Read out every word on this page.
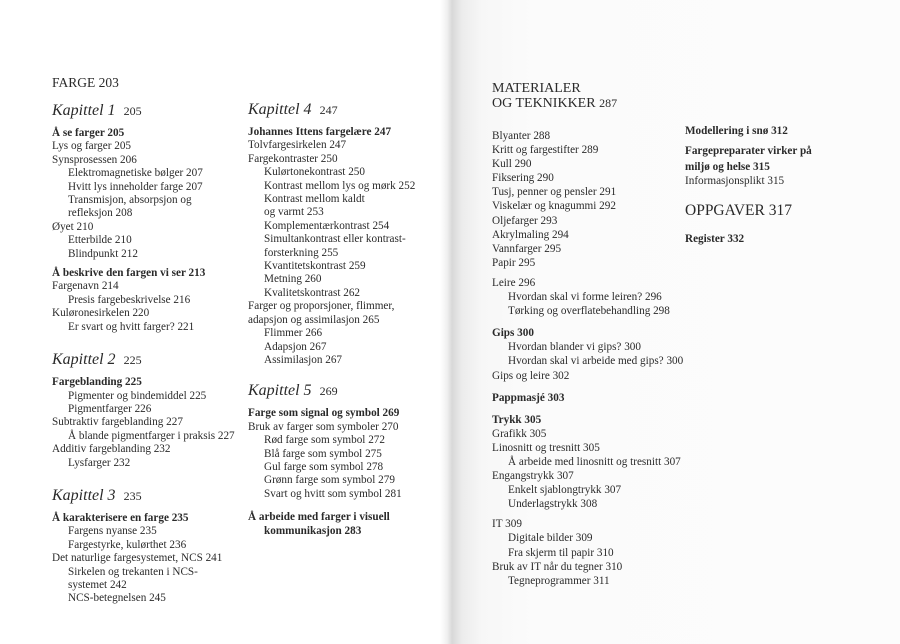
FARGE 203
Kapittel 1 205
Å se farger 205
Lys og farger 205
Synsprosessen 206
Elektromagnetiske bølger 207
Hvitt lys inneholder farge 207
Transmisjon, absorpsjon og
refleksjon 208
Øyet 210
Etterbilde 210
Blindpunkt 212
Å beskrive den fargen vi ser 213
Fargenavn 214
Presis fargebeskrivelse 216
Kuløronesirkelen 220
Er svart og hvitt farger? 221
Kapittel 2 225
Fargeblanding 225
Pigmenter og bindemiddel 225
Pigmentfarger 226
Subtraktiv fargeblanding 227
Å blande pigmentfarger i praksis 227
Additiv fargeblanding 232
Lysfarger 232
Kapittel 3 235
Å karakterisere en farge 235
Fargens nyanse 235
Fargestyrke, kulørthet 236
Det naturlige fargesystemet, NCS 241
Sirkelen og trekanten i NCS-
systemet 242
NCS-betegnelsen 245
Kapittel 4 247
Johannes Ittens fargelære 247
Tolvfargesirkelen 247
Fargekontraster 250
Kulørtonekontrast 250
Kontrast mellom lys og mørk 252
Kontrast mellom kaldt
og varmt 253
Komplementærkontrast 254
Simultankontrast eller kontrast-
forsterkning 255
Kvantitetskontrast 259
Metning 260
Kvalitetskontrast 262
Farger og proporsjoner, flimmer,
adapsjon og assimilasjon 265
Flimmer 266
Adapsjon 267
Assimilasjon 267
Kapittel 5 269
Farge som signal og symbol 269
Bruk av farger som symboler 270
Rød farge som symbol 272
Blå farge som symbol 275
Gul farge som symbol 278
Grønn farge som symbol 279
Svart og hvitt som symbol 281
Å arbeide med farger i visuell
kommunikasjon 283
MATERIALER
OG TEKNIKKER 287
Blyanter 288
Kritt og fargestifter 289
Kull 290
Fiksering 290
Tusj, penner og pensler 291
Viskelær og knagummi 292
Oljefarger 293
Akrylmaling 294
Vannfarger 295
Papir 295
Leire 296
Hvordan skal vi forme leiren? 296
Tørking og overflatebehandling 298
Gips 300
Hvordan blander vi gips? 300
Hvordan skal vi arbeide med gips? 300
Gips og leire 302
Pappmasjé 303
Trykk 305
Grafikk 305
Linosnitt og tresnitt 305
Å arbeide med linosnitt og tresnitt 307
Engangstrykk 307
Enkelt sjablongtrykk 307
Underlagstrykk 308
IT 309
Digitale bilder 309
Fra skjerm til papir 310
Bruk av IT når du tegner 310
Tegneprogrammer 311
Modellering i snø 312
Fargepreparater virker på
miljø og helse 315
Informasjonsplikt 315
OPPGAVER 317
Register 332
